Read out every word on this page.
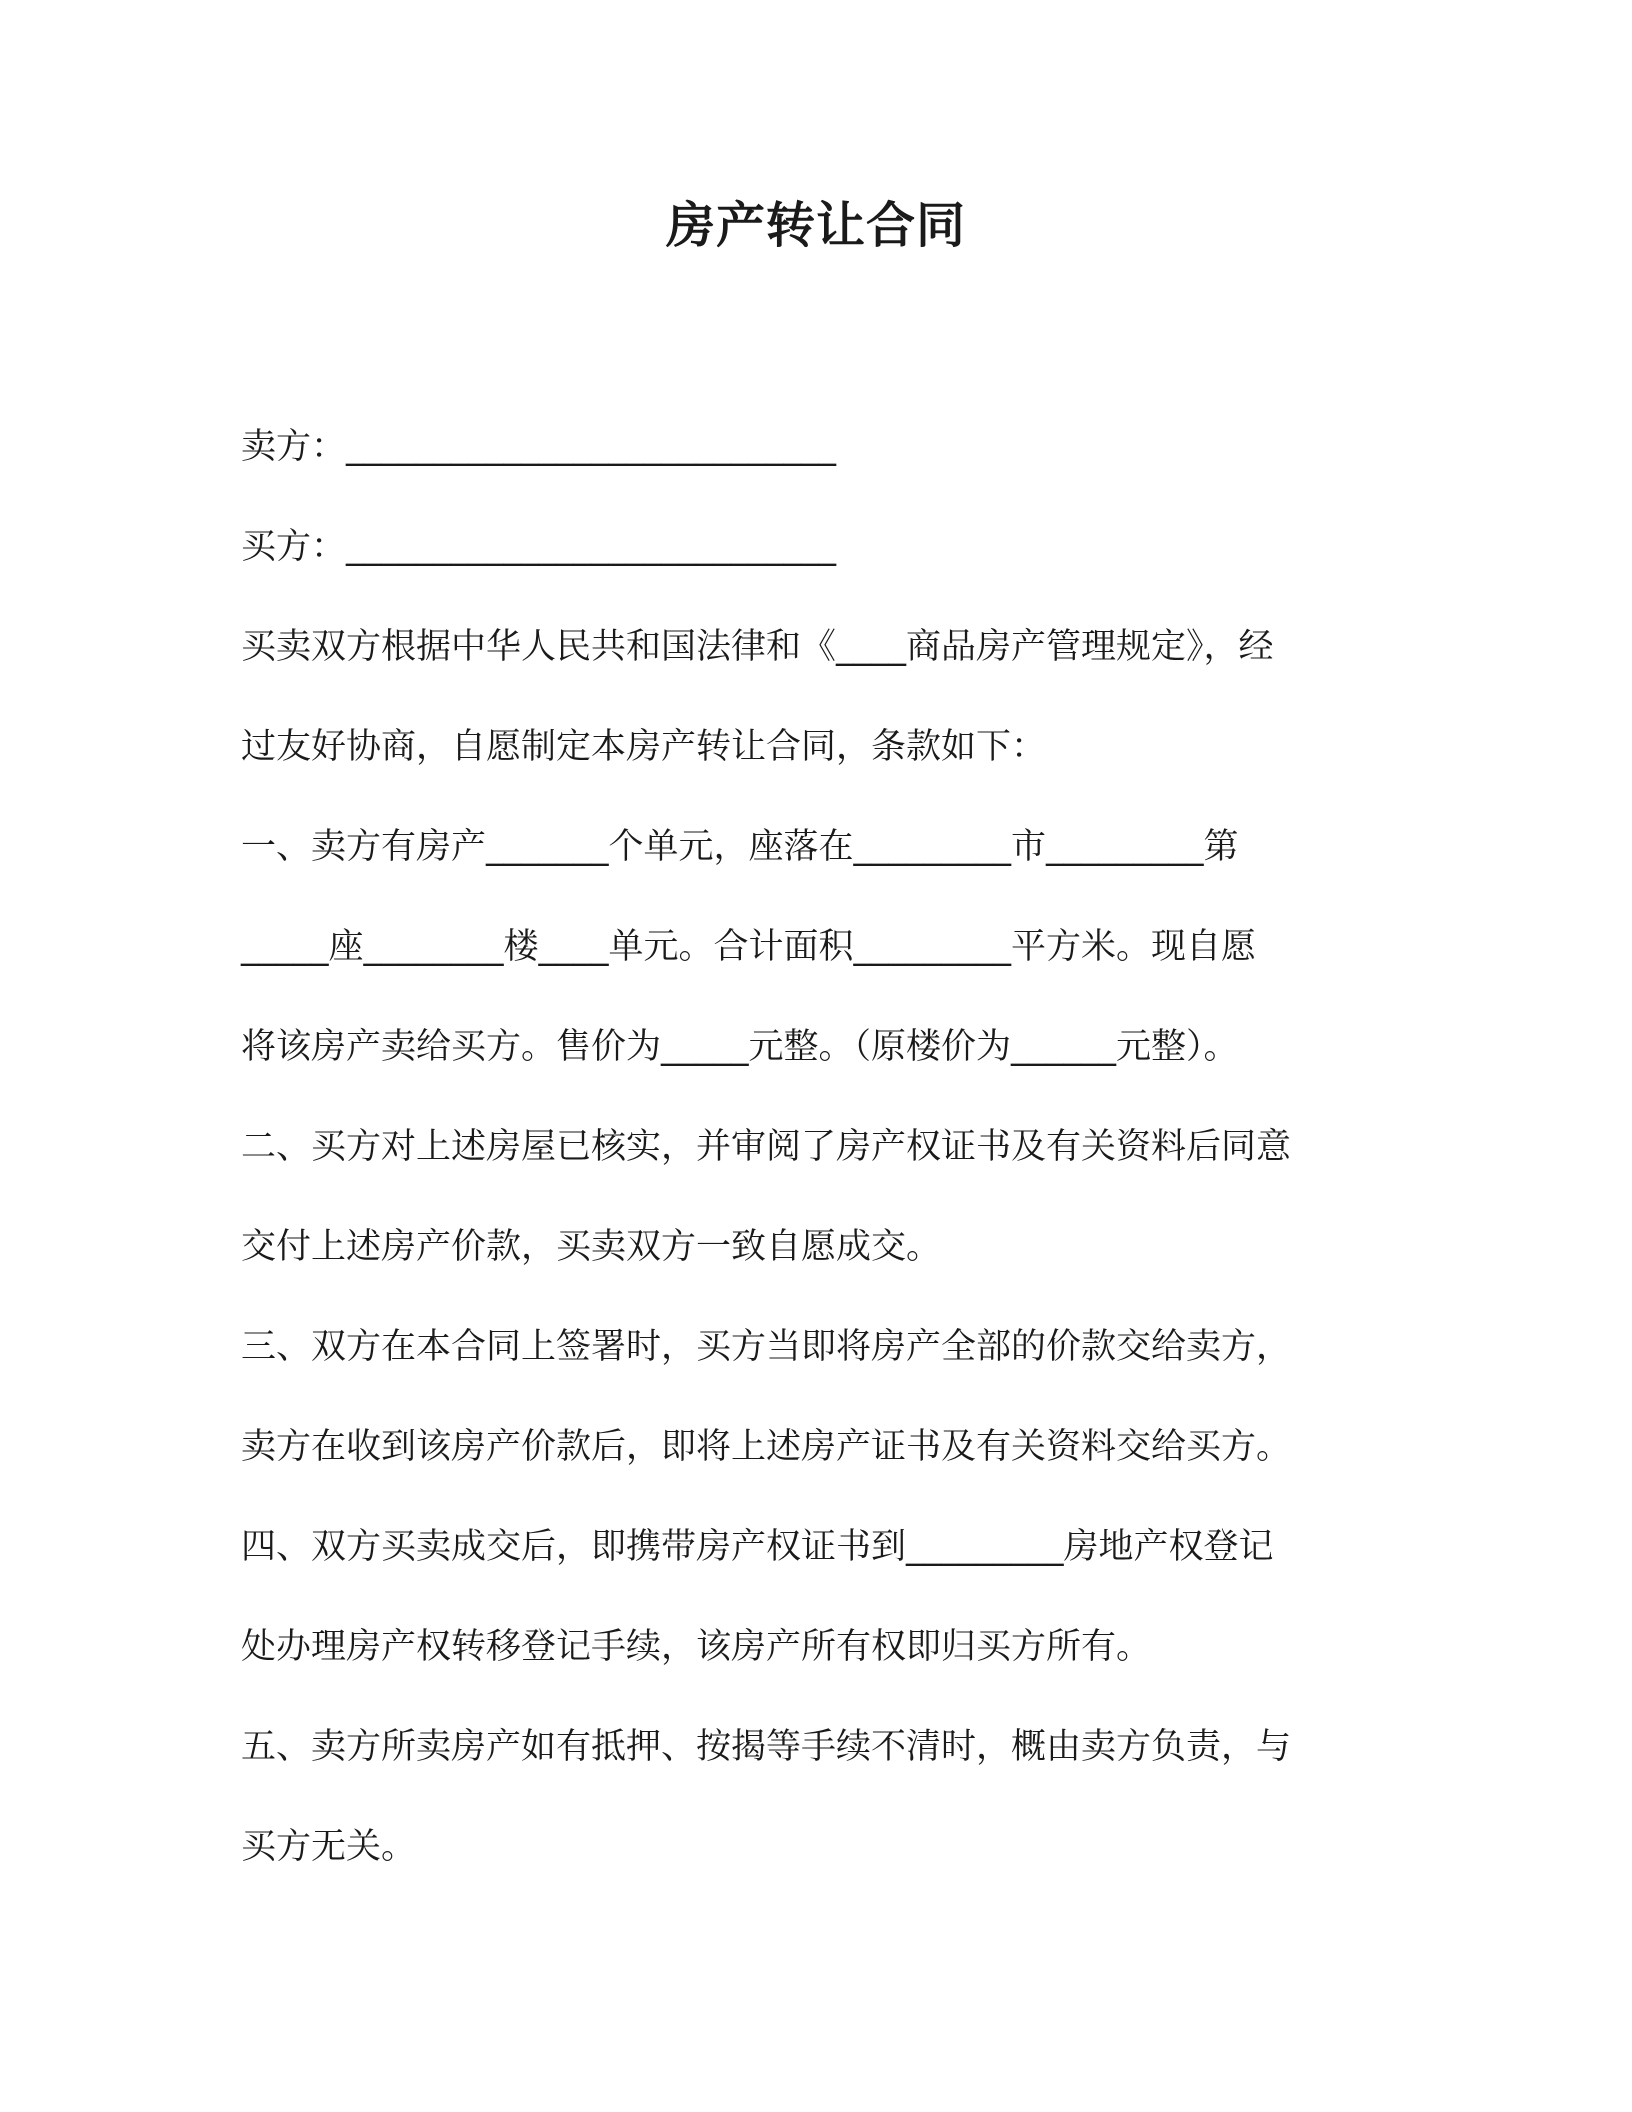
房产转让合同
卖方：____________________________
买方：____________________________
买卖双方根据中华人民共和国法律和《____商品房产管理规定》，经
过友好协商，自愿制定本房产转让合同，条款如下：
一、卖方有房产_______个单元，座落在_________市_________第
_____座________楼____单元。合计面积_________平方米。现自愿
将该房产卖给买方。售价为_____元整。（原楼价为______元整）。
二、买方对上述房屋已核实，并审阅了房产权证书及有关资料后同意
交付上述房产价款，买卖双方一致自愿成交。
三、双方在本合同上签署时，买方当即将房产全部的价款交给卖方，
卖方在收到该房产价款后，即将上述房产证书及有关资料交给买方。
四、双方买卖成交后，即携带房产权证书到_________房地产权登记
处办理房产权转移登记手续，该房产所有权即归买方所有。
五、卖方所卖房产如有抵押、按揭等手续不清时，概由卖方负责，与
买方无关。
